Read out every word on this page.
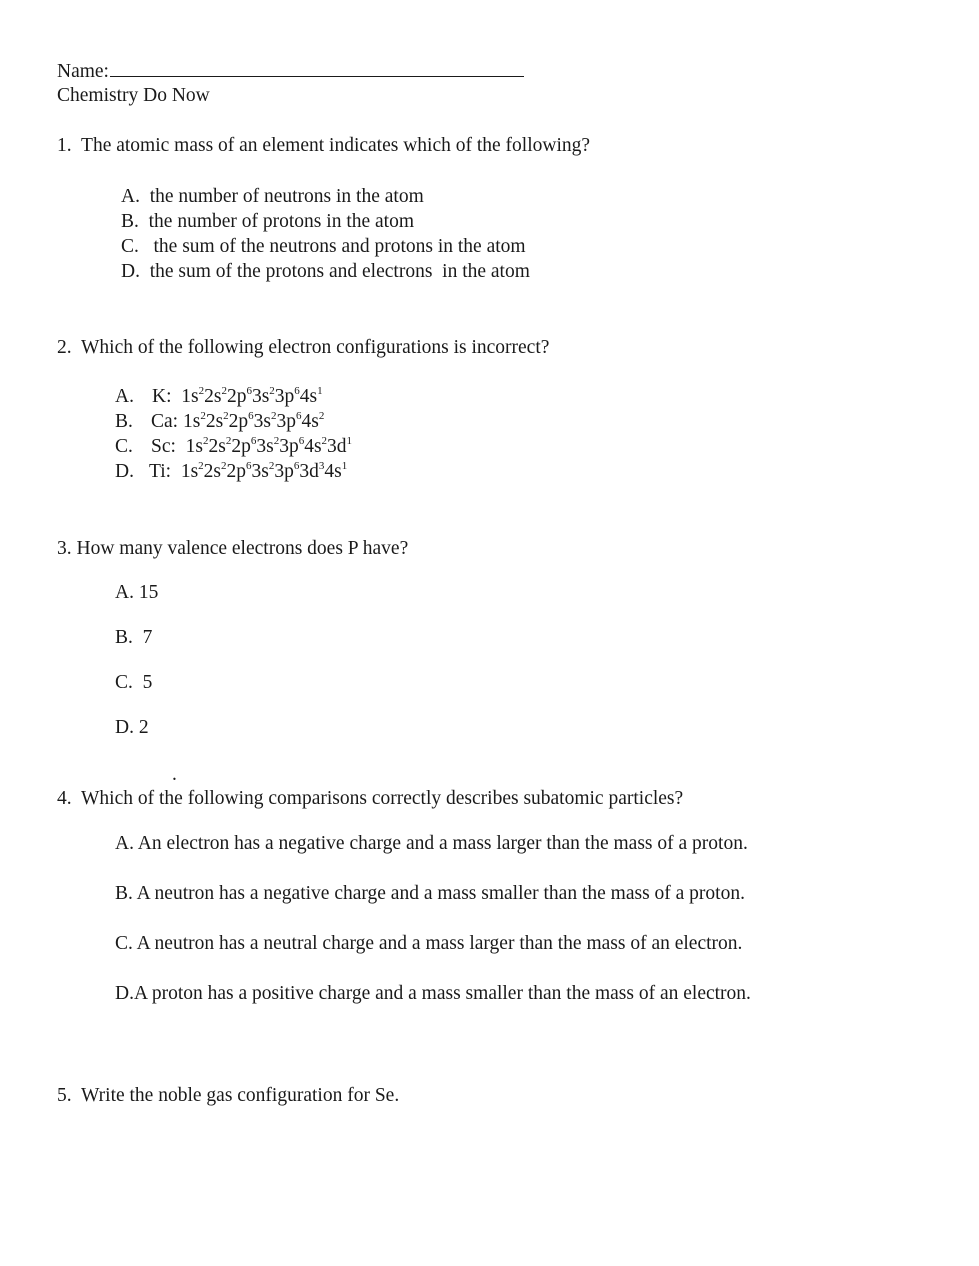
Name:
Chemistry Do Now
1. The atomic mass of an element indicates which of the following?
A. the number of neutrons in the atom
B. the number of protons in the atom
C. the sum of the neutrons and protons in the atom
D. the sum of the protons and electrons  in the atom
2. Which of the following electron configurations is incorrect?
A. K: $1s^22s^22p^63s^23p^64s^1$
B. Ca: $1s^22s^22p^63s^23p^64s^2$
C. Sc: $1s^22s^22p^63s^23p^64s^23d^1$
D. Ti: $1s^22s^22p^63s^23p^63d^34s^1$
3. How many valence electrons does P have?
A. 15
B.  7
C.  5
D. 2
.
4. Which of the following comparisons correctly describes subatomic particles?
A. An electron has a negative charge and a mass larger than the mass of a proton.
B. A neutron has a negative charge and a mass smaller than the mass of a proton.
C. A neutron has a neutral charge and a mass larger than the mass of an electron.
D.A proton has a positive charge and a mass smaller than the mass of an electron.
5. Write the noble gas configuration for Se.
